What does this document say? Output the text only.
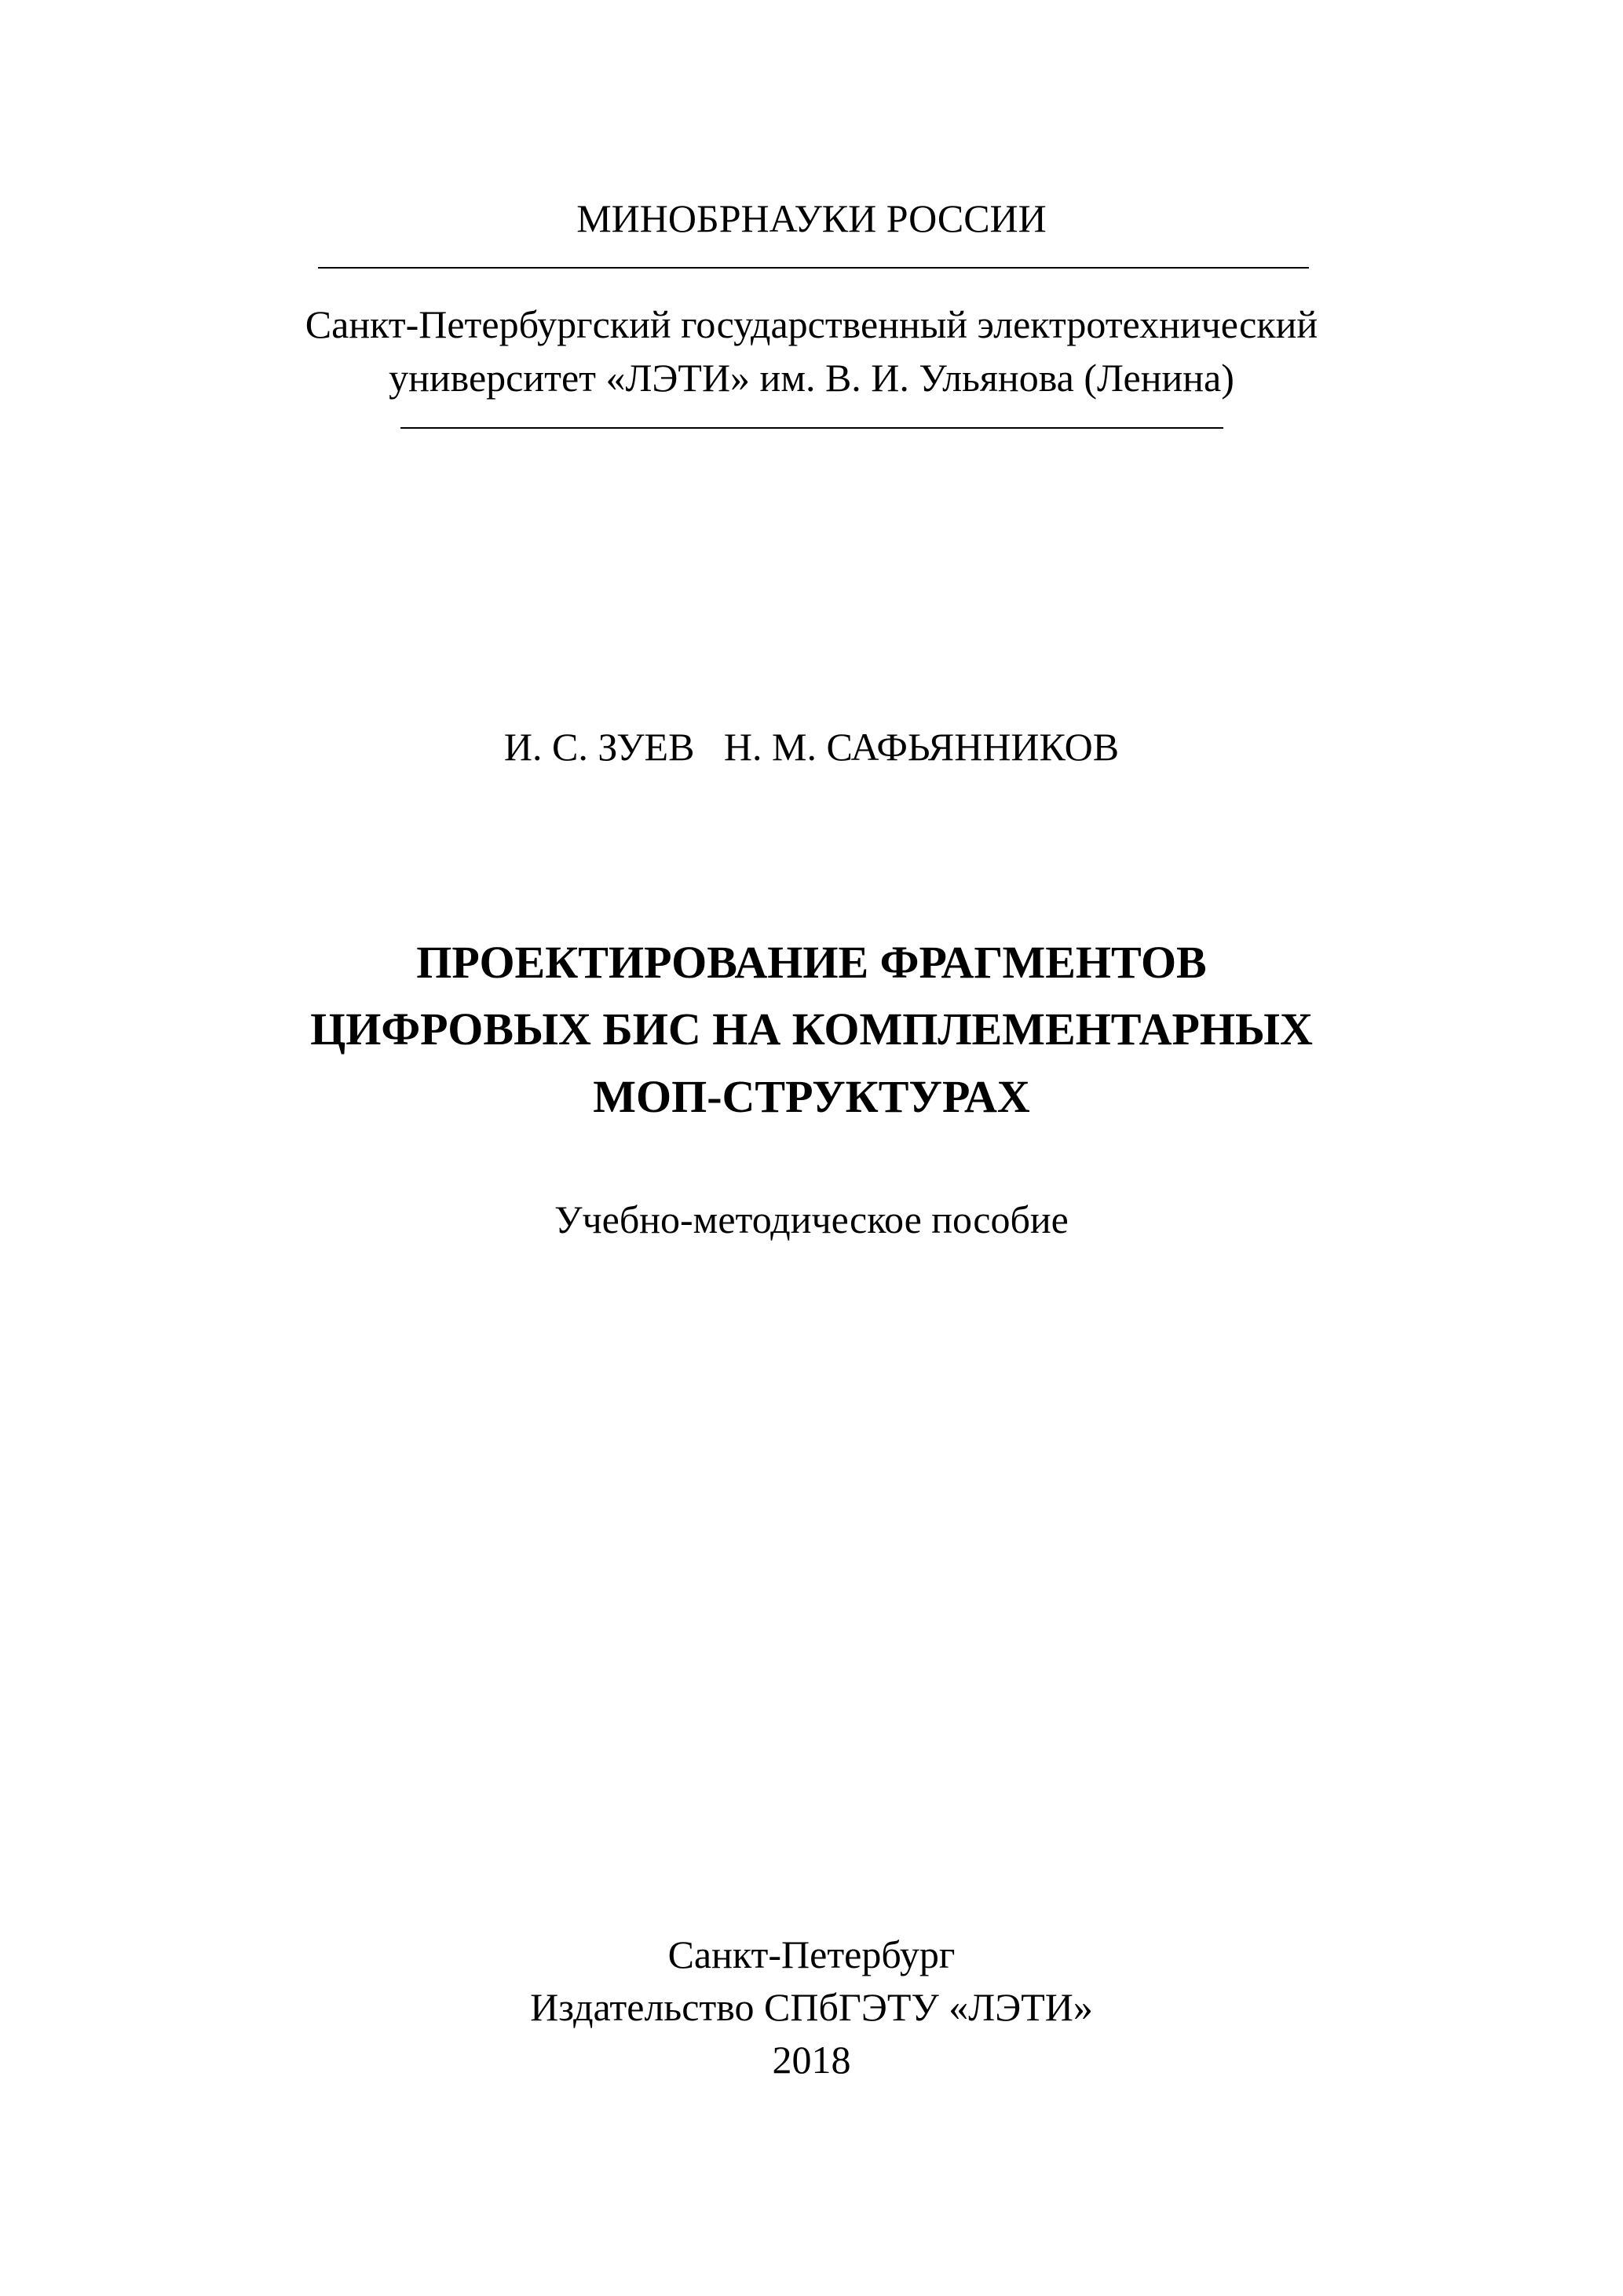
МИНОБРНАУКИ РОССИИ
Санкт-Петербургский государственный электротехнический
университет «ЛЭТИ» им. В. И. Ульянова (Ленина)
И. С. ЗУЕВ   Н. М. САФЬЯННИКОВ
ПРОЕКТИРОВАНИЕ ФРАГМЕНТОВ
ЦИФРОВЫХ БИС НА КОМПЛЕМЕНТАРНЫХ
МОП-СТРУКТУРАХ
Учебно-методическое пособие
Санкт-Петербург
Издательство СПбГЭТУ «ЛЭТИ»
2018
